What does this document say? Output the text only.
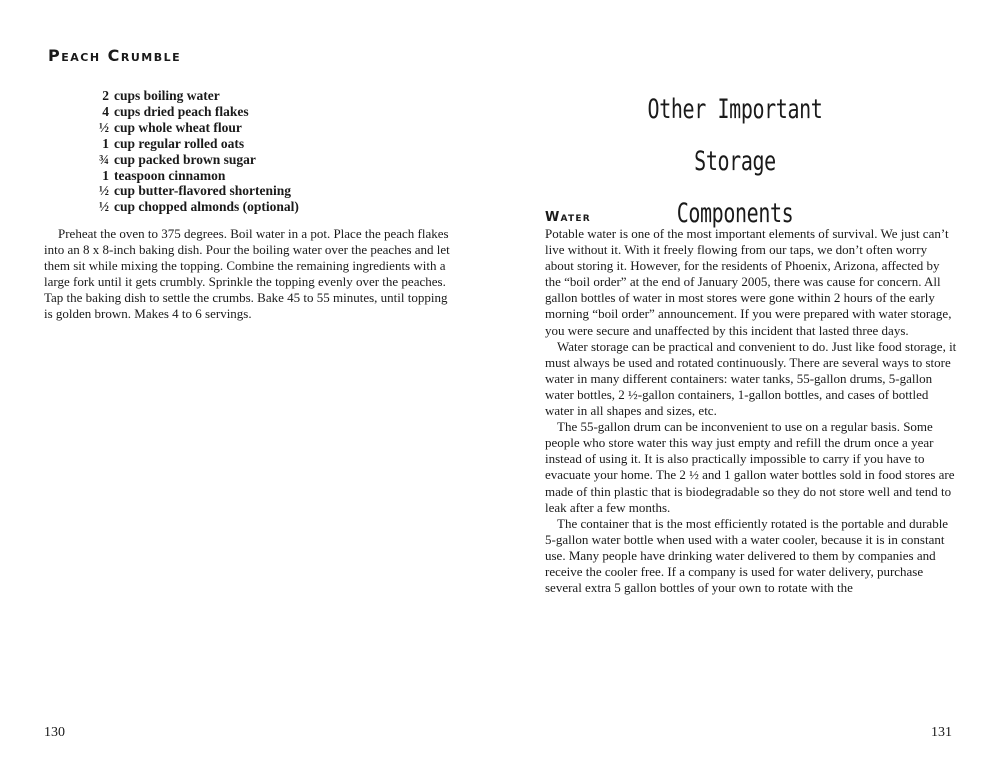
Peach Crumble
2 cups boiling water
4 cups dried peach flakes
½ cup whole wheat flour
1 cup regular rolled oats
¾ cup packed brown sugar
1 teaspoon cinnamon
½ cup butter-flavored shortening
½ cup chopped almonds (optional)

Preheat the oven to 375 degrees. Boil water in a pot. Place the peach flakes into an 8 x 8-inch baking dish. Pour the boiling water over the peaches and let them sit while mixing the topping. Combine the remaining ingredients with a large fork until it gets crumbly. Sprinkle the topping evenly over the peaches. Tap the baking dish to settle the crumbs. Bake 45 to 55 minutes, until topping is golden brown. Makes 4 to 6 servings.

130
Other Important Storage
Components
Water

Potable water is one of the most important elements of survival. We just can’t live without it. With it freely flowing from our taps, we don’t often worry about storing it. However, for the residents of Phoenix, Arizona, affected by the “boil order” at the end of January 2005, there was cause for concern. All gallon bottles of water in most stores were gone within 2 hours of the early morning “boil order” announcement. If you were prepared with water storage, you were secure and unaffected by this incident that lasted three days.

Water storage can be practical and convenient to do. Just like food storage, it must always be used and rotated continuously. There are several ways to store water in many different containers: water tanks, 55-gallon drums, 5-gallon water bottles, 2 ½-gallon containers, 1-gallon bottles, and cases of bottled water in all shapes and sizes, etc.

The 55-gallon drum can be inconvenient to use on a regular basis. Some people who store water this way just empty and refill the drum once a year instead of using it. It is also practically impossible to carry if you have to evacuate your home. The 2 ½ and 1 gallon water bottles sold in food stores are made of thin plastic that is biodegradable so they do not store well and tend to leak after a few months.

The container that is the most efficiently rotated is the portable and durable 5-gallon water bottle when used with a water cooler, because it is in constant use. Many people have drinking water delivered to them by companies and receive the cooler free. If a company is used for water delivery, purchase several extra 5 gallon bottles of your own to rotate with the

131
